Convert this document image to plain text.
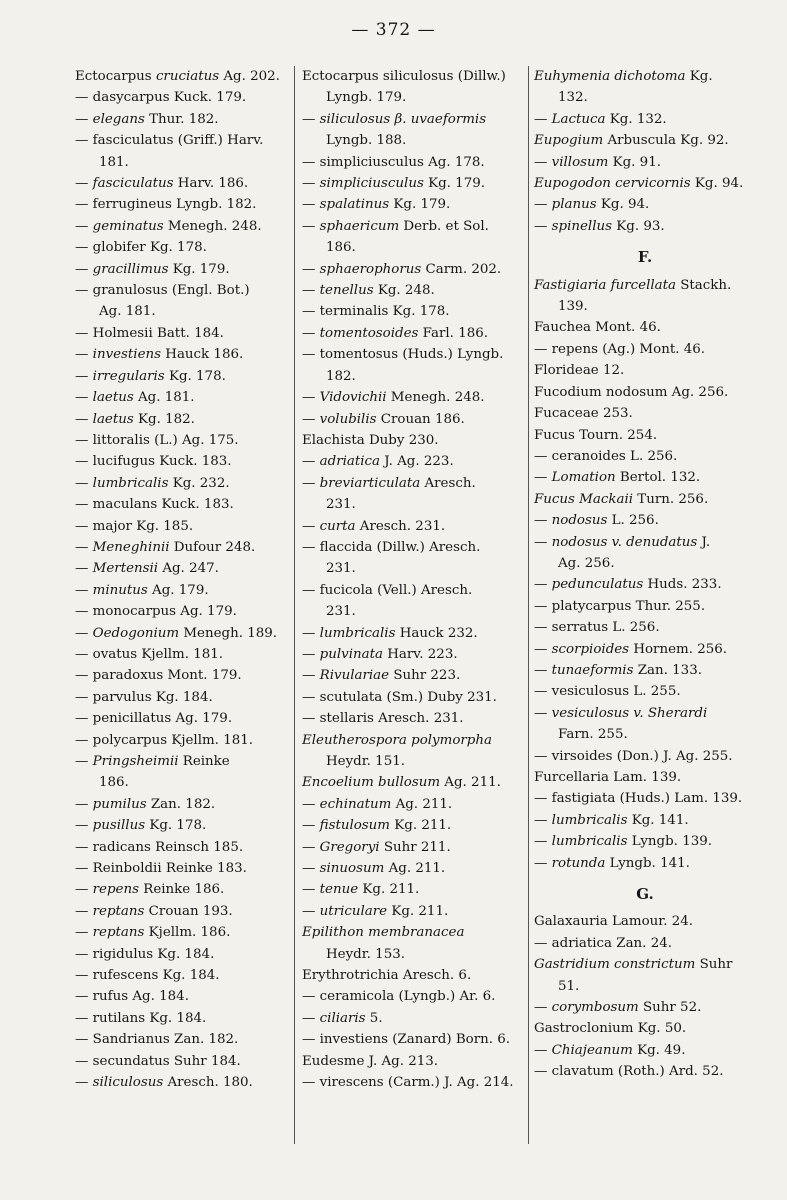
— 372 —
Ectocarpus cruciatus Ag. 202.
— dasycarpus Kuck. 179.
— elegans Thur. 182.
— fasciculatus (Griff.) Harv.
181.
— fasciculatus Harv. 186.
— ferrugineus Lyngb. 182.
— geminatus Menegh. 248.
— globifer Kg. 178.
— gracillimus Kg. 179.
— granulosus (Engl. Bot.)
Ag. 181.
— Holmesii Batt. 184.
— investiens Hauck 186.
— irregularis Kg. 178.
— laetus Ag. 181.
— laetus Kg. 182.
— littoralis (L.) Ag. 175.
— lucifugus Kuck. 183.
— lumbricalis Kg. 232.
— maculans Kuck. 183.
— major Kg. 185.
— Meneghinii Dufour 248.
— Mertensii Ag. 247.
— minutus Ag. 179.
— monocarpus Ag. 179.
— Oedogonium Menegh. 189.
— ovatus Kjellm. 181.
— paradoxus Mont. 179.
— parvulus Kg. 184.
— penicillatus Ag. 179.
— polycarpus Kjellm. 181.
— Pringsheimii Reinke
186.
— pumilus Zan. 182.
— pusillus Kg. 178.
— radicans Reinsch 185.
— Reinboldii Reinke 183.
— repens Reinke 186.
— reptans Crouan 193.
— reptans Kjellm. 186.
— rigidulus Kg. 184.
— rufescens Kg. 184.
— rufus Ag. 184.
— rutilans Kg. 184.
— Sandrianus Zan. 182.
— secundatus Suhr 184.
— siliculosus Aresch. 180.
Ectocarpus siliculosus (Dillw.)
Lyngb. 179.
— siliculosus β. uvaeformis
Lyngb. 188.
— simpliciusculus Ag. 178.
— simpliciusculus Kg. 179.
— spalatinus Kg. 179.
— sphaericum Derb. et Sol.
186.
— sphaerophorus Carm. 202.
— tenellus Kg. 248.
— terminalis Kg. 178.
— tomentosoides Farl. 186.
— tomentosus (Huds.) Lyngb.
182.
— Vidovichii Menegh. 248.
— volubilis Crouan 186.
Elachista Duby 230.
— adriatica J. Ag. 223.
— breviarticulata Aresch.
231.
— curta Aresch. 231.
— flaccida (Dillw.) Aresch.
231.
— fucicola (Vell.) Aresch.
231.
— lumbricalis Hauck 232.
— pulvinata Harv. 223.
— Rivulariae Suhr 223.
— scutulata (Sm.) Duby 231.
— stellaris Aresch. 231.
Eleutherospora polymorpha
Heydr. 151.
Encoelium bullosum Ag. 211.
— echinatum Ag. 211.
— fistulosum Kg. 211.
— Gregoryi Suhr 211.
— sinuosum Ag. 211.
— tenue Kg. 211.
— utriculare Kg. 211.
Epilithon membranacea
Heydr. 153.
Erythrotrichia Aresch. 6.
— ceramicola (Lyngb.) Ar. 6.
— ciliaris 5.
— investiens (Zanard) Born. 6.
Eudesme J. Ag. 213.
— virescens (Carm.) J. Ag. 214.
Euhymenia dichotoma Kg.
132.
— Lactuca Kg. 132.
Eupogium Arbuscula Kg. 92.
— villosum Kg. 91.
Eupogodon cervicornis Kg. 94.
— planus Kg. 94.
— spinellus Kg. 93.
F.
Fastigiaria furcellata Stackh.
139.
Fauchea Mont. 46.
— repens (Ag.) Mont. 46.
Florideae 12.
Fucodium nodosum Ag. 256.
Fucaceae 253.
Fucus Tourn. 254.
— ceranoides L. 256.
— Lomation Bertol. 132.
Fucus Mackaii Turn. 256.
— nodosus L. 256.
— nodosus v. denudatus J.
Ag. 256.
— pedunculatus Huds. 233.
— platycarpus Thur. 255.
— serratus L. 256.
— scorpioides Hornem. 256.
— tunaeformis Zan. 133.
— vesiculosus L. 255.
— vesiculosus v. Sherardi
Farn. 255.
— virsoides (Don.) J. Ag. 255.
Furcellaria Lam. 139.
— fastigiata (Huds.) Lam. 139.
— lumbricalis Kg. 141.
— lumbricalis Lyngb. 139.
— rotunda Lyngb. 141.
G.
Galaxauria Lamour. 24.
— adriatica Zan. 24.
Gastridium constrictum Suhr
51.
— corymbosum Suhr 52.
Gastroclonium Kg. 50.
— Chiajeanum Kg. 49.
— clavatum (Roth.) Ard. 52.
